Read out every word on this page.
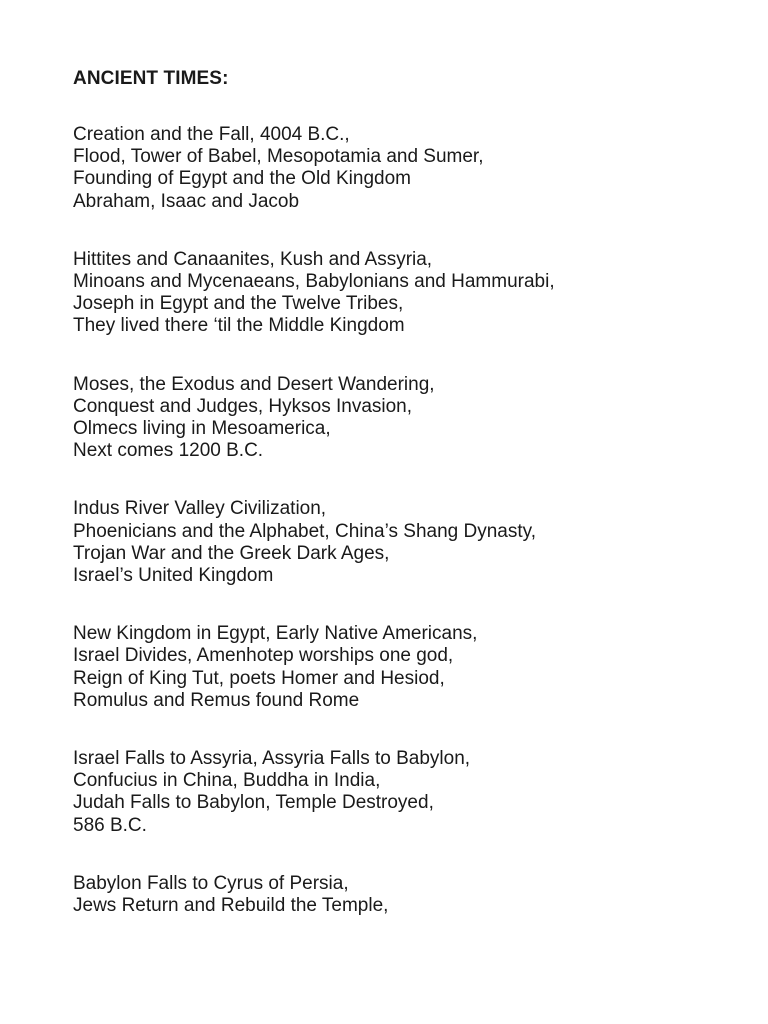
ANCIENT TIMES:
Creation and the Fall, 4004 B.C.,
Flood, Tower of Babel, Mesopotamia and Sumer,
Founding of Egypt and the Old Kingdom
Abraham, Isaac and Jacob
Hittites and Canaanites, Kush and Assyria,
Minoans and Mycenaeans, Babylonians and Hammurabi,
Joseph in Egypt and the Twelve Tribes,
They lived there ‘til the Middle Kingdom
Moses, the Exodus and Desert Wandering,
Conquest and Judges, Hyksos Invasion,
Olmecs living in Mesoamerica,
Next comes 1200 B.C.
Indus River Valley Civilization,
Phoenicians and the Alphabet, China’s Shang Dynasty,
Trojan War and the Greek Dark Ages,
Israel’s United Kingdom
New Kingdom in Egypt, Early Native Americans,
Israel Divides, Amenhotep worships one god,
Reign of King Tut, poets Homer and Hesiod,
Romulus and Remus found Rome
Israel Falls to Assyria, Assyria Falls to Babylon,
Confucius in China, Buddha in India,
Judah Falls to Babylon, Temple Destroyed,
586 B.C.
Babylon Falls to Cyrus of Persia,
Jews Return and Rebuild the Temple,
